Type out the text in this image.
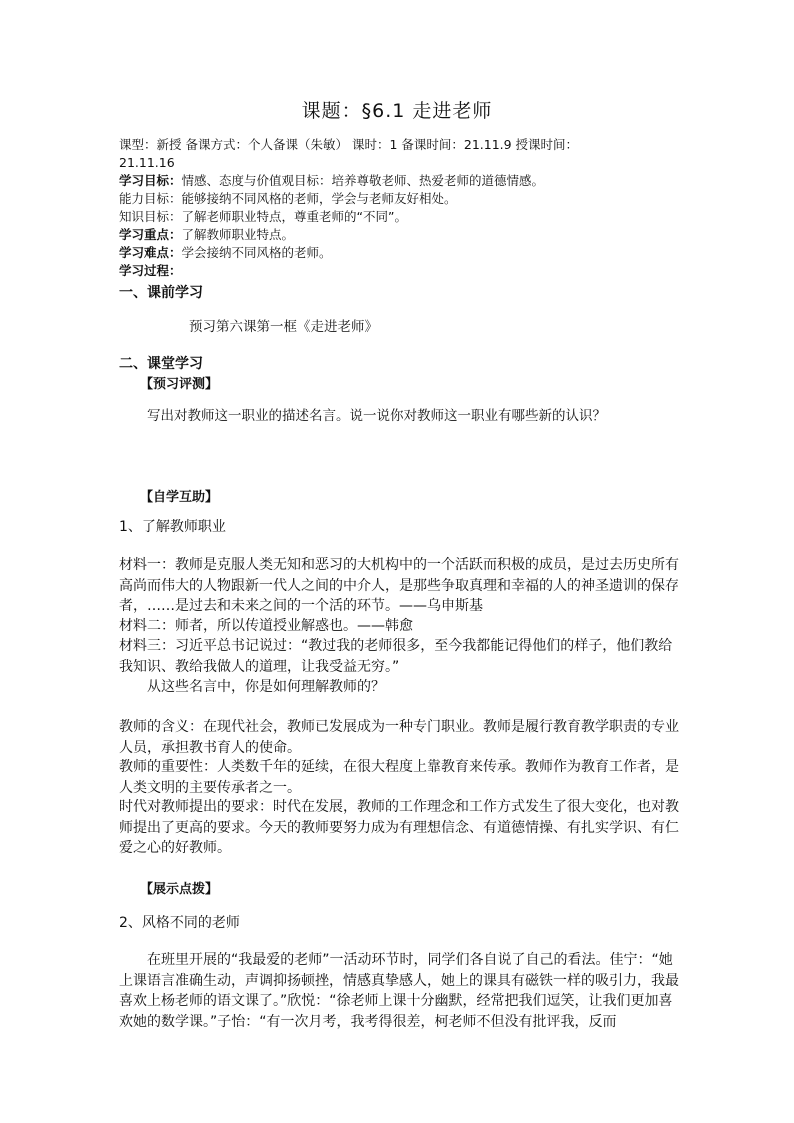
课题：§6.1 走进老师
课型：新授 备课方式：个人备课（朱敏） 课时：1 备课时间：21.11.9 授课时间：
21.11.16
学习目标：情感、态度与价值观目标：培养尊敬老师、热爱老师的道德情感。
能力目标：能够接纳不同风格的老师，学会与老师友好相处。
知识目标：了解老师职业特点，尊重老师的“不同”。
学习重点：了解教师职业特点。
学习难点：学会接纳不同风格的老师。
学习过程：
一、课前学习
预习第六课第一框《走进老师》
二、课堂学习
【预习评测】
写出对教师这一职业的描述名言。说一说你对教师这一职业有哪些新的认识？
【自学互助】
1、了解教师职业
材料一：教师是克服人类无知和恶习的大机构中的一个活跃而积极的成员，是过去历史所有高尚而伟大的人物跟新一代人之间的中介人，是那些争取真理和幸福的人的神圣遗训的保存者，……是过去和未来之间的一个活的环节。——乌申斯基
材料二：师者，所以传道授业解惑也。——韩愈
材料三：习近平总书记说过：“教过我的老师很多，至今我都能记得他们的样子，他们教给我知识、教给我做人的道理，让我受益无穷。”
从这些名言中，你是如何理解教师的？
教师的含义：在现代社会，教师已发展成为一种专门职业。教师是履行教育教学职责的专业人员，承担教书育人的使命。
教师的重要性：人类数千年的延续，在很大程度上靠教育来传承。教师作为教育工作者，是人类文明的主要传承者之一。
时代对教师提出的要求：时代在发展，教师的工作理念和工作方式发生了很大变化，也对教师提出了更高的要求。今天的教师要努力成为有理想信念、有道德情操、有扎实学识、有仁爱之心的好教师。
【展示点拨】
2、风格不同的老师
在班里开展的“我最爱的老师”一活动环节时，同学们各自说了自己的看法。佳宁：“她上课语言准确生动，声调抑扬顿挫，情感真挚感人，她上的课具有磁铁一样的吸引力，我最喜欢上杨老师的语文课了。”欣悦：“徐老师上课十分幽默，经常把我们逗笑，让我们更加喜欢她的数学课。”子怡：“有一次月考，我考得很差，柯老师不但没有批评我，反而
